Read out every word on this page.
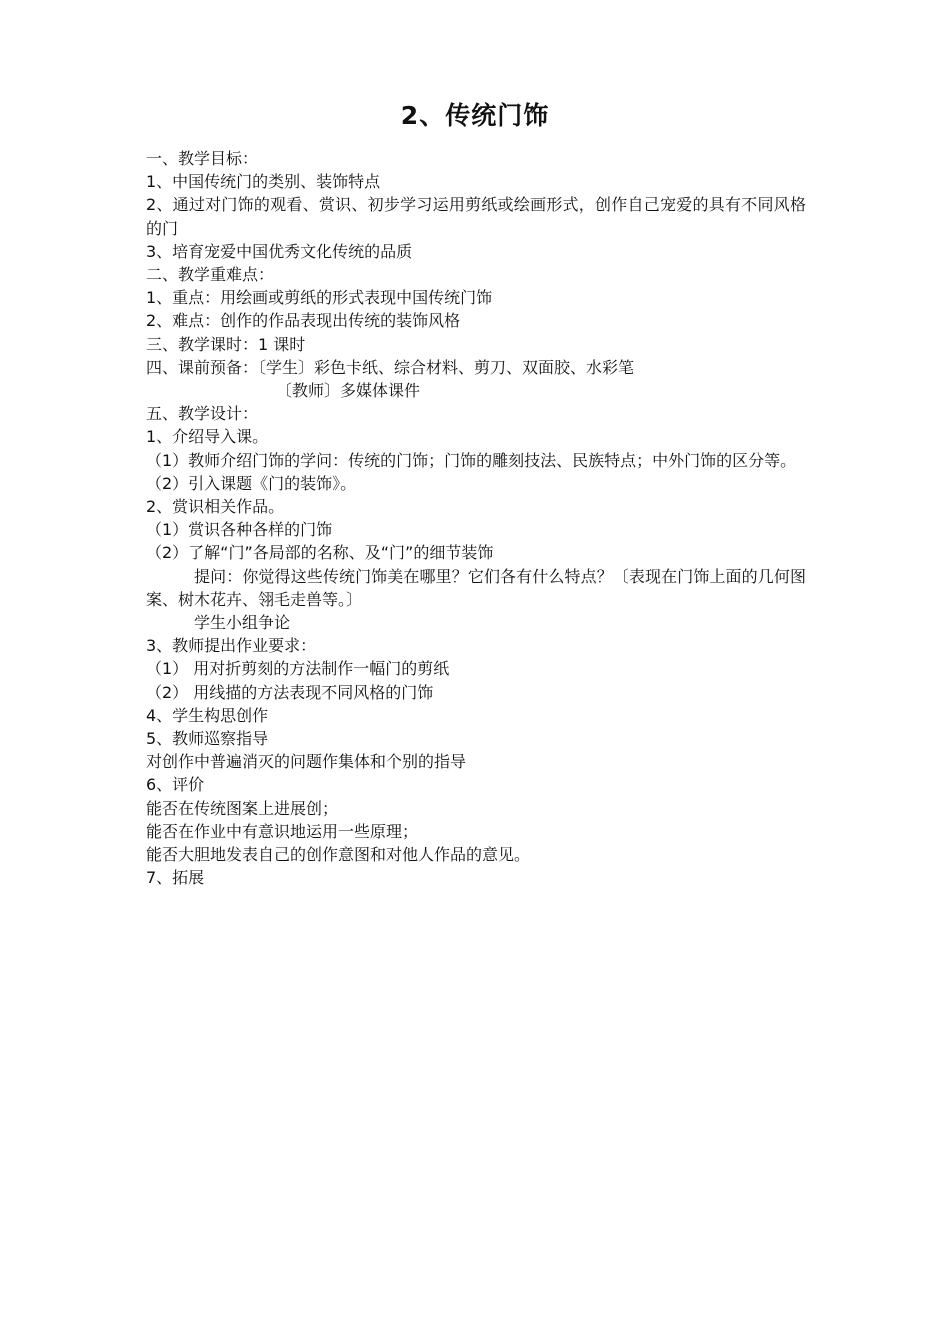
2、传统门饰
一、教学目标：
1、中国传统门的类别、装饰特点
2、通过对门饰的观看、赏识、初步学习运用剪纸或绘画形式，创作自己宠爱的具有不同风格的门
3、培育宠爱中国优秀文化传统的品质
二、教学重难点：
1、重点：用绘画或剪纸的形式表现中国传统门饰
2、难点：创作的作品表现出传统的装饰风格
三、教学课时：1 课时
四、课前预备：〔学生〕彩色卡纸、综合材料、剪刀、双面胶、水彩笔
〔教师〕多媒体课件
五、教学设计：
1、介绍导入课。
（1）教师介绍门饰的学问：传统的门饰；门饰的雕刻技法、民族特点；中外门饰的区分等。
（2）引入课题《门的装饰》。
2、赏识相关作品。
（1）赏识各种各样的门饰
（2）了解“门”各局部的名称、及“门”的细节装饰
提问：你觉得这些传统门饰美在哪里？它们各有什么特点？〔表现在门饰上面的几何图案、树木花卉、翎毛走兽等。〕
学生小组争论
3、教师提出作业要求：
（1） 用对折剪刻的方法制作一幅门的剪纸
（2） 用线描的方法表现不同风格的门饰
4、学生构思创作
5、教师巡察指导
对创作中普遍消灭的问题作集体和个别的指导
6、评价
能否在传统图案上进展创；
能否在作业中有意识地运用一些原理；
能否大胆地发表自己的创作意图和对他人作品的意见。
7、拓展
